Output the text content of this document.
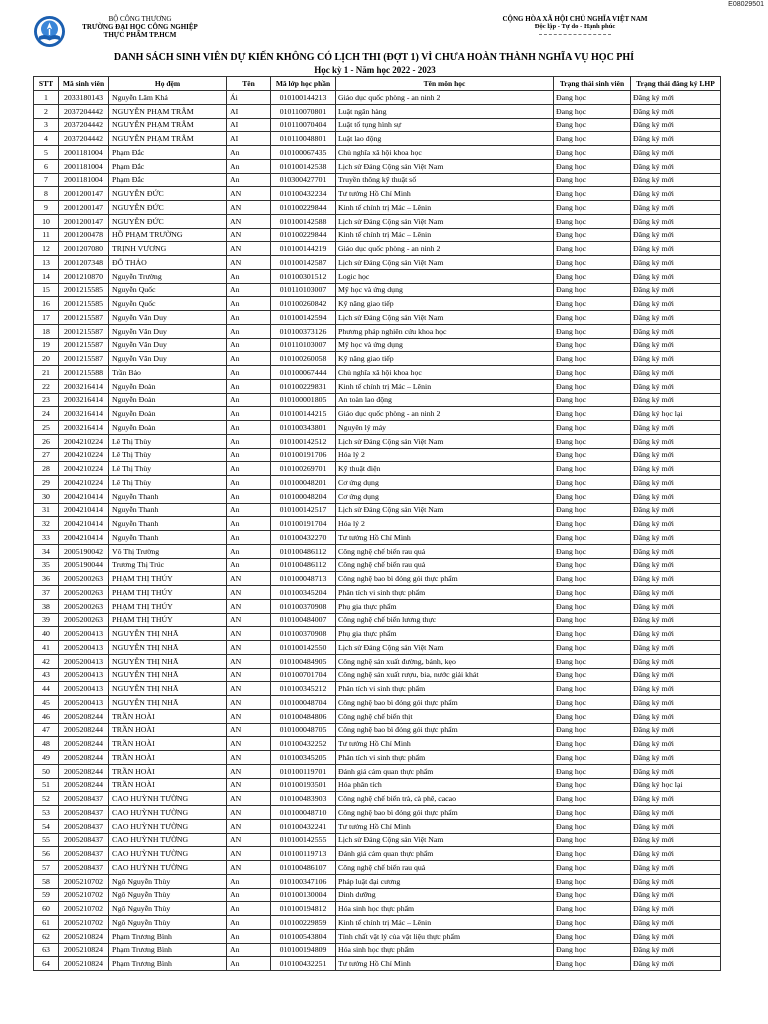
E08029501
BỘ CÔNG THƯƠNG
TRƯỜNG ĐẠI HỌC CÔNG NGHIỆP
THỰC PHẨM TP.HCM
CỘNG HÒA XÃ HỘI CHỦ NGHĨA VIỆT NAM
Độc lập - Tự do - Hạnh phúc
DANH SÁCH SINH VIÊN DỰ KIẾN KHÔNG CÓ LỊCH THI (ĐỢT 1) VÌ CHƯA HOÀN THÀNH NGHĨA VỤ HỌC PHÍ
Học kỳ 1 - Năm học 2022 - 2023
STT	Mã sinh viên	Họ đệm	Tên	Mã lớp học phần	Tên môn học	Trạng thái sinh viên	Trạng thái đăng ký LHP
1	2033180143	Nguyễn Lâm Khả	Ái	010100144213	Giáo dục quốc phòng - an ninh 2	Đang học	Đăng ký mới
2	2037204442	NGUYỄN PHẠM TRÂM	AI	010110070801	Luật ngân hàng	Đang học	Đăng ký mới
3	2037204442	NGUYỄN PHẠM TRÂM	AI	010110070404	Luật tố tụng hình sự	Đang học	Đăng ký mới
4	2037204442	NGUYỄN PHẠM TRÂM	AI	010110048801	Luật lao động	Đang học	Đăng ký mới
5	2001181004	Phạm Đắc	An	010100067435	Chủ nghĩa xã hội khoa học	Đang học	Đăng ký mới
6	2001181004	Phạm Đắc	An	010100142538	Lịch sử Đảng Cộng sản Việt Nam	Đang học	Đăng ký mới
7	2001181004	Phạm Đắc	An	010300427701	Truyền thông kỹ thuật số	Đang học	Đăng ký mới
8	2001200147	NGUYỄN ĐỨC	AN	010100432234	Tư tưởng Hồ Chí Minh	Đang học	Đăng ký mới
9	2001200147	NGUYỄN ĐỨC	AN	010100229844	Kinh tế chính trị Mác – Lênin	Đang học	Đăng ký mới
10	2001200147	NGUYỄN ĐỨC	AN	010100142588	Lịch sử Đảng Cộng sản Việt Nam	Đang học	Đăng ký mới
11	2001200478	HỒ PHẠM TRƯỜNG	AN	010100229844	Kinh tế chính trị Mác – Lênin	Đang học	Đăng ký mới
12	2001207080	TRỊNH VƯƠNG	AN	010100144219	Giáo dục quốc phòng - an ninh 2	Đang học	Đăng ký mới
13	2001207348	ĐỖ THẢO	AN	010100142587	Lịch sử Đảng Cộng sản Việt Nam	Đang học	Đăng ký mới
14	2001210870	Nguyễn Trường	An	010100301512	Logic học	Đang học	Đăng ký mới
15	2001215585	Nguyễn Quốc	An	010110103007	Mỹ học và ứng dụng	Đang học	Đăng ký mới
16	2001215585	Nguyễn Quốc	An	010100260842	Kỹ năng giao tiếp	Đang học	Đăng ký mới
17	2001215587	Nguyễn Văn Duy	An	010100142594	Lịch sử Đảng Cộng sản Việt Nam	Đang học	Đăng ký mới
18	2001215587	Nguyễn Văn Duy	An	010100373126	Phương pháp nghiên cứu khoa học	Đang học	Đăng ký mới
19	2001215587	Nguyễn Văn Duy	An	010110103007	Mỹ học và ứng dụng	Đang học	Đăng ký mới
20	2001215587	Nguyễn Văn Duy	An	010100260058	Kỹ năng giao tiếp	Đang học	Đăng ký mới
21	2001215588	Trần Bảo	An	010100067444	Chủ nghĩa xã hội khoa học	Đang học	Đăng ký mới
22	2003216414	Nguyễn Đoàn	An	010100229831	Kinh tế chính trị Mác – Lênin	Đang học	Đăng ký mới
23	2003216414	Nguyễn Đoàn	An	010100001805	An toàn lao động	Đang học	Đăng ký mới
24	2003216414	Nguyễn Đoàn	An	010100144215	Giáo dục quốc phòng - an ninh 2	Đang học	Đăng ký học lại
25	2003216414	Nguyễn Đoàn	An	010100343801	Nguyên lý máy	Đang học	Đăng ký mới
26	2004210224	Lê Thị Thùy	An	010100142512	Lịch sử Đảng Cộng sản Việt Nam	Đang học	Đăng ký mới
27	2004210224	Lê Thị Thùy	An	010100191706	Hóa lý 2	Đang học	Đăng ký mới
28	2004210224	Lê Thị Thùy	An	010100269701	Kỹ thuật điện	Đang học	Đăng ký mới
29	2004210224	Lê Thị Thùy	An	010100048201	Cơ ứng dụng	Đang học	Đăng ký mới
30	2004210414	Nguyễn Thanh	An	010100048204	Cơ ứng dụng	Đang học	Đăng ký mới
31	2004210414	Nguyễn Thanh	An	010100142517	Lịch sử Đảng Cộng sản Việt Nam	Đang học	Đăng ký mới
32	2004210414	Nguyễn Thanh	An	010100191704	Hóa lý 2	Đang học	Đăng ký mới
33	2004210414	Nguyễn Thanh	An	010100432270	Tư tưởng Hồ Chí Minh	Đang học	Đăng ký mới
34	2005190042	Võ Thị Trường	An	010100486112	Công nghệ chế biến rau quả	Đang học	Đăng ký mới
35	2005190044	Trương Thị Trúc	An	010100486112	Công nghệ chế biến rau quả	Đang học	Đăng ký mới
36	2005200263	PHẠM THỊ THÚY	AN	010100048713	Công nghệ bao bì đóng gói thực phẩm	Đang học	Đăng ký mới
37	2005200263	PHẠM THỊ THÚY	AN	010100345204	Phân tích vi sinh thực phẩm	Đang học	Đăng ký mới
38	2005200263	PHẠM THỊ THÚY	AN	010100370908	Phụ gia thực phẩm	Đang học	Đăng ký mới
39	2005200263	PHẠM THỊ THÚY	AN	010100484007	Công nghệ chế biến lương thực	Đang học	Đăng ký mới
40	2005200413	NGUYỄN THỊ NHÃ	AN	010100370908	Phụ gia thực phẩm	Đang học	Đăng ký mới
41	2005200413	NGUYỄN THỊ NHÃ	AN	010100142550	Lịch sử Đảng Cộng sản Việt Nam	Đang học	Đăng ký mới
42	2005200413	NGUYỄN THỊ NHÃ	AN	010100484905	Công nghệ sản xuất đường, bánh, kẹo	Đang học	Đăng ký mới
43	2005200413	NGUYỄN THỊ NHÃ	AN	010100701704	Công nghệ sản xuất rượu, bia, nước giải khát	Đang học	Đăng ký mới
44	2005200413	NGUYỄN THỊ NHÃ	AN	010100345212	Phân tích vi sinh thực phẩm	Đang học	Đăng ký mới
45	2005200413	NGUYỄN THỊ NHÃ	AN	010100048704	Công nghệ bao bì đóng gói thực phẩm	Đang học	Đăng ký mới
46	2005208244	TRẦN HOÀI	AN	010100484806	Công nghệ chế biến thịt	Đang học	Đăng ký mới
47	2005208244	TRẦN HOÀI	AN	010100048705	Công nghệ bao bì đóng gói thực phẩm	Đang học	Đăng ký mới
48	2005208244	TRẦN HOÀI	AN	010100432252	Tư tưởng Hồ Chí Minh	Đang học	Đăng ký mới
49	2005208244	TRẦN HOÀI	AN	010100345205	Phân tích vi sinh thực phẩm	Đang học	Đăng ký mới
50	2005208244	TRẦN HOÀI	AN	010100119701	Đánh giá cảm quan thực phẩm	Đang học	Đăng ký mới
51	2005208244	TRẦN HOÀI	AN	010100193501	Hóa phân tích	Đang học	Đăng ký học lại
52	2005208437	CAO HUỲNH TƯỜNG	AN	010100483903	Công nghệ chế biến trà, cà phê, cacao	Đang học	Đăng ký mới
53	2005208437	CAO HUỲNH TƯỜNG	AN	010100048710	Công nghệ bao bì đóng gói thực phẩm	Đang học	Đăng ký mới
54	2005208437	CAO HUỲNH TƯỜNG	AN	010100432241	Tư tưởng Hồ Chí Minh	Đang học	Đăng ký mới
55	2005208437	CAO HUỲNH TƯỜNG	AN	010100142555	Lịch sử Đảng Cộng sản Việt Nam	Đang học	Đăng ký mới
56	2005208437	CAO HUỲNH TƯỜNG	AN	010100119713	Đánh giá cảm quan thực phẩm	Đang học	Đăng ký mới
57	2005208437	CAO HUỲNH TƯỜNG	AN	010100486107	Công nghệ chế biến rau quả	Đang học	Đăng ký mới
58	2005210702	Ngô Nguyễn Thùy	An	010100347106	Pháp luật đại cương	Đang học	Đăng ký mới
59	2005210702	Ngô Nguyễn Thùy	An	010100130004	Dinh dưỡng	Đang học	Đăng ký mới
60	2005210702	Ngô Nguyễn Thùy	An	010100194812	Hóa sinh học thực phẩm	Đang học	Đăng ký mới
61	2005210702	Ngô Nguyễn Thùy	An	010100229859	Kinh tế chính trị Mác – Lênin	Đang học	Đăng ký mới
62	2005210824	Phạm Trương Bình	An	010100543804	Tính chất vật lý của vật liệu thực phẩm	Đang học	Đăng ký mới
63	2005210824	Phạm Trương Bình	An	010100194809	Hóa sinh học thực phẩm	Đang học	Đăng ký mới
64	2005210824	Phạm Trương Bình	An	010100432251	Tư tưởng Hồ Chí Minh	Đang học	Đăng ký mới
